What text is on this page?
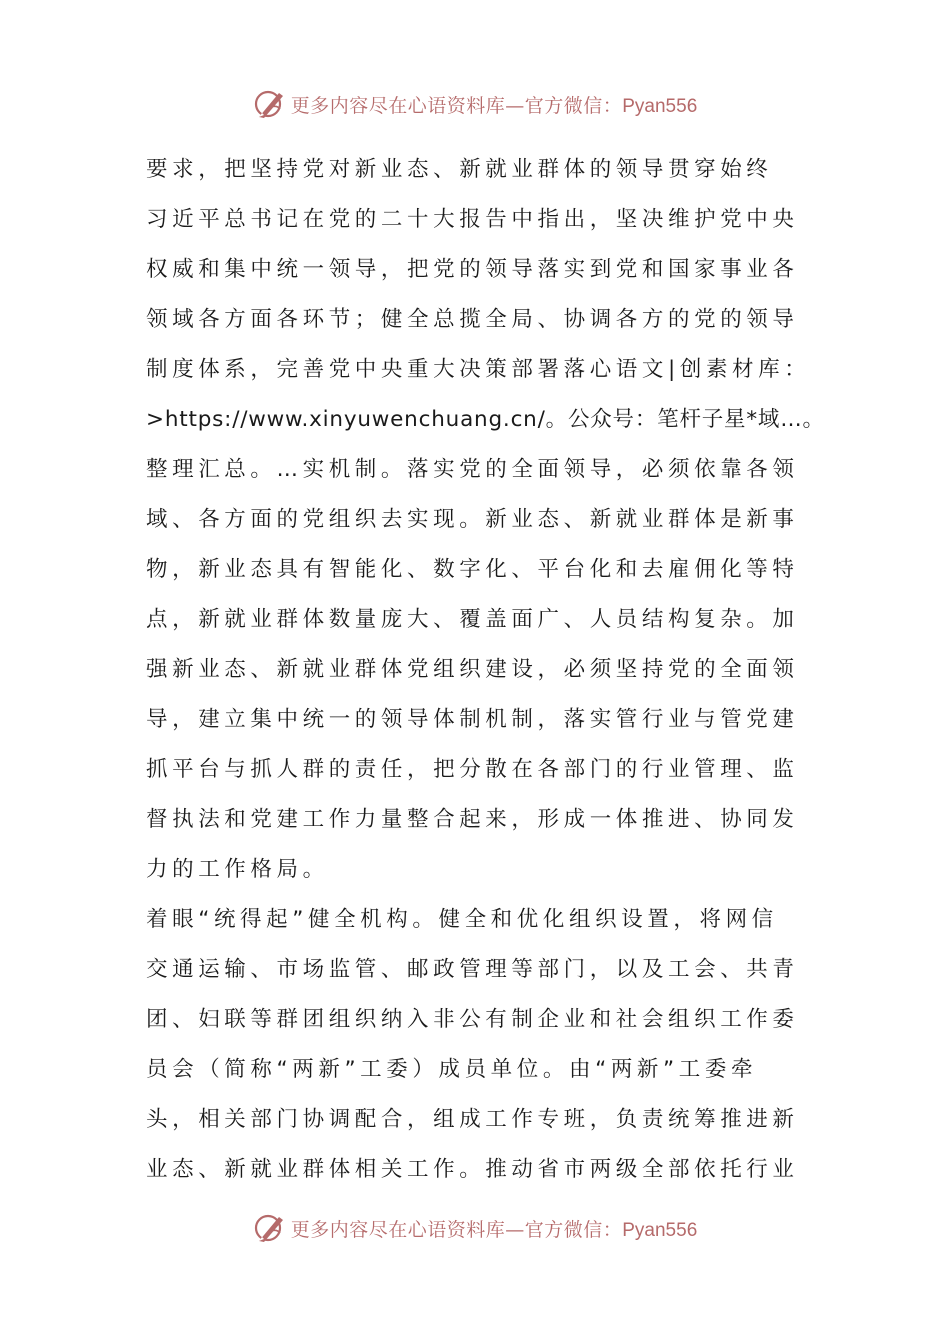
更多内容尽在心语资料库—官方微信：Pyan556
要求，把坚持党对新业态、新就业群体的领导贯穿始终
习近平总书记在党的二十大报告中指出，坚决维护党中央
权威和集中统一领导，把党的领导落实到党和国家事业各
领域各方面各环节；健全总揽全局、协调各方的党的领导
制度体系，完善党中央重大决策部署落心语文|创素材库：
>https://www.xinyuwenchuang.cn/。公众号：笔杆子星*域…。
整理汇总。…实机制。落实党的全面领导，必须依靠各领
域、各方面的党组织去实现。新业态、新就业群体是新事
物，新业态具有智能化、数字化、平台化和去雇佣化等特
点，新就业群体数量庞大、覆盖面广、人员结构复杂。加
强新业态、新就业群体党组织建设，必须坚持党的全面领
导，建立集中统一的领导体制机制，落实管行业与管党建
抓平台与抓人群的责任，把分散在各部门的行业管理、监
督执法和党建工作力量整合起来，形成一体推进、协同发
力的工作格局。
着眼“统得起”健全机构。健全和优化组织设置，将网信
交通运输、市场监管、邮政管理等部门，以及工会、共青
团、妇联等群团组织纳入非公有制企业和社会组织工作委
员会（简称“两新”工委）成员单位。由“两新”工委牵
头，相关部门协调配合，组成工作专班，负责统筹推进新
业态、新就业群体相关工作。推动省市两级全部依托行业
更多内容尽在心语资料库—官方微信：Pyan556
